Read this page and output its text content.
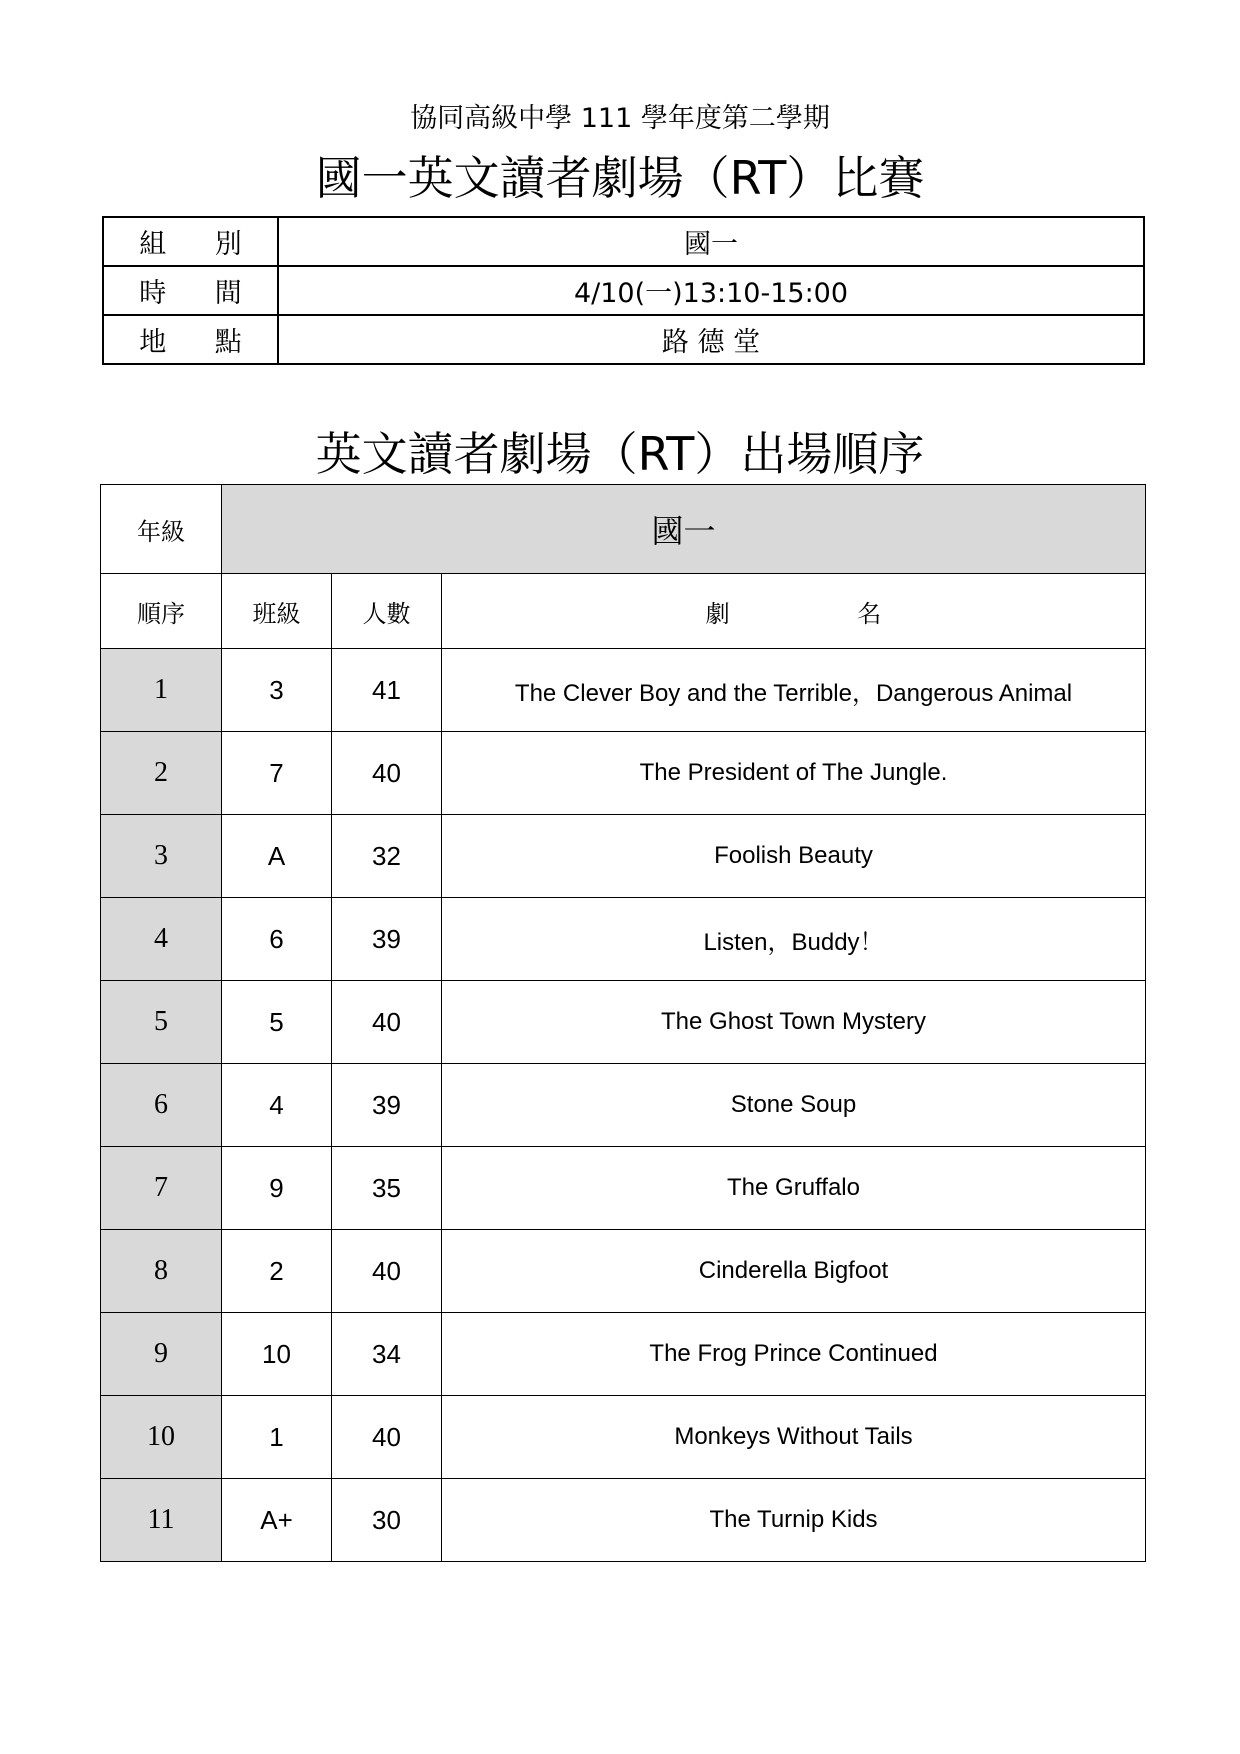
協同高級中學 111 學年度第二學期
國一英文讀者劇場（RT）比賽
組 別	國一
時 間	4/10(一)13:10-15:00
地 點	路 德 堂
英文讀者劇場（RT）出場順序
年級	國一		
順序	班級	人數	劇 名
1	3	41	The Clever Boy and the Terrible，Dangerous Animal
2	7	40	The President of The Jungle.
3	A	32	Foolish Beauty
4	6	39	Listen，Buddy！
5	5	40	The Ghost Town Mystery
6	4	39	Stone Soup
7	9	35	The Gruffalo
8	2	40	Cinderella Bigfoot
9	10	34	The Frog Prince Continued
10	1	40	Monkeys Without Tails
11	A+	30	The Turnip Kids
